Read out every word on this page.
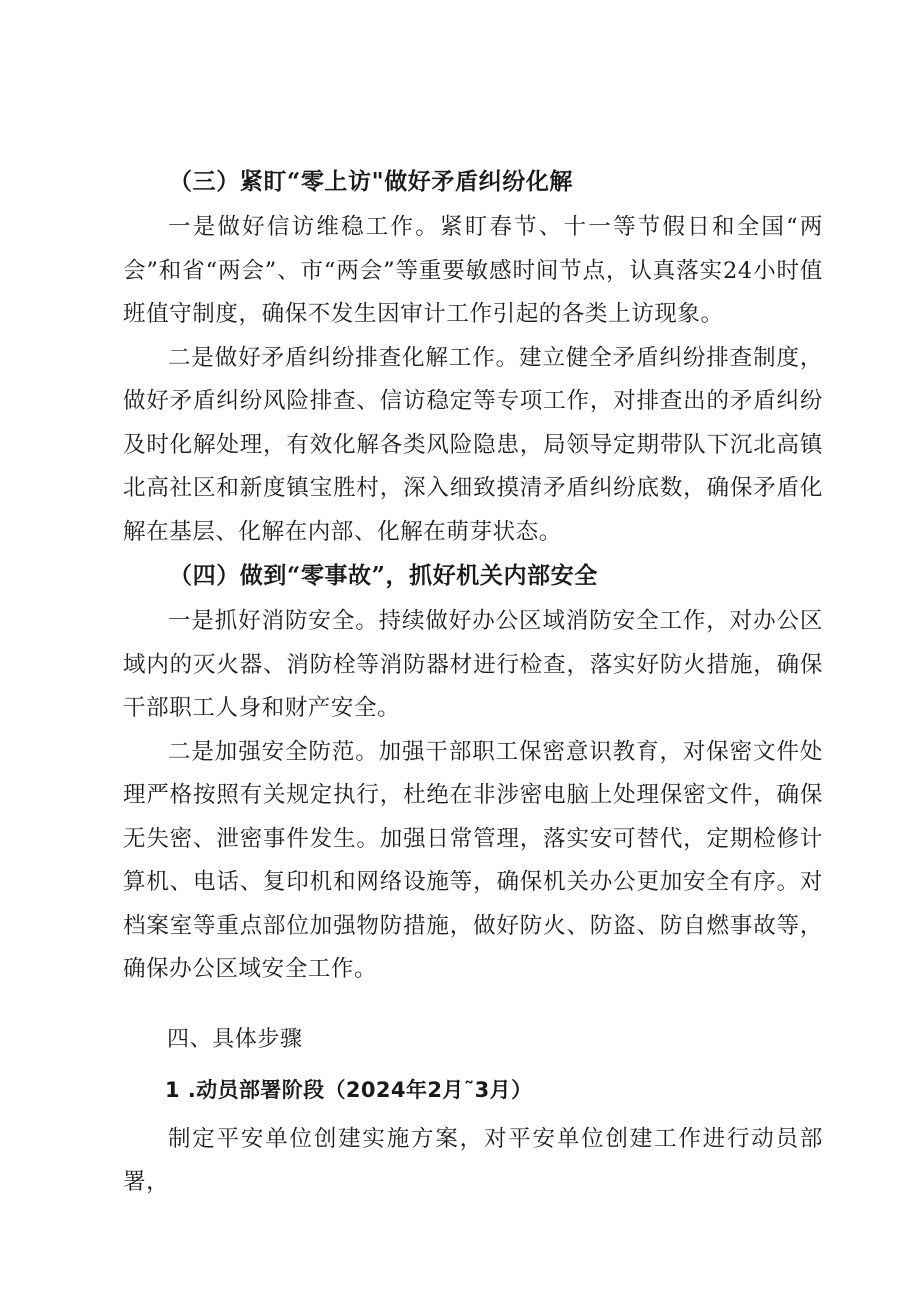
（三）紧盯“零上访"做好矛盾纠纷化解

一是做好信访维稳工作。紧盯春节、十一等节假日和全国“两会”和省“两会”、市“两会”等重要敏感时间节点，认真落实24小时值班值守制度，确保不发生因审计工作引起的各类上访现象。

二是做好矛盾纠纷排查化解工作。建立健全矛盾纠纷排查制度，做好矛盾纠纷风险排查、信访稳定等专项工作，对排查出的矛盾纠纷及时化解处理，有效化解各类风险隐患，局领导定期带队下沉北高镇北高社区和新度镇宝胜村，深入细致摸清矛盾纠纷底数，确保矛盾化解在基层、化解在内部、化解在萌芽状态。

（四）做到“零事故”，抓好机关内部安全

一是抓好消防安全。持续做好办公区域消防安全工作，对办公区域内的灭火器、消防栓等消防器材进行检查，落实好防火措施，确保干部职工人身和财产安全。

二是加强安全防范。加强干部职工保密意识教育，对保密文件处理严格按照有关规定执行，杜绝在非涉密电脑上处理保密文件，确保无失密、泄密事件发生。加强日常管理，落实安可替代，定期检修计算机、电话、复印机和网络设施等，确保机关办公更加安全有序。对档案室等重点部位加强物防措施，做好防火、防盗、防自燃事故等，确保办公区域安全工作。

四、具体步骤

1 .动员部署阶段（2024年2月˜3月）

制定平安单位创建实施方案，对平安单位创建工作进行动员部署，
